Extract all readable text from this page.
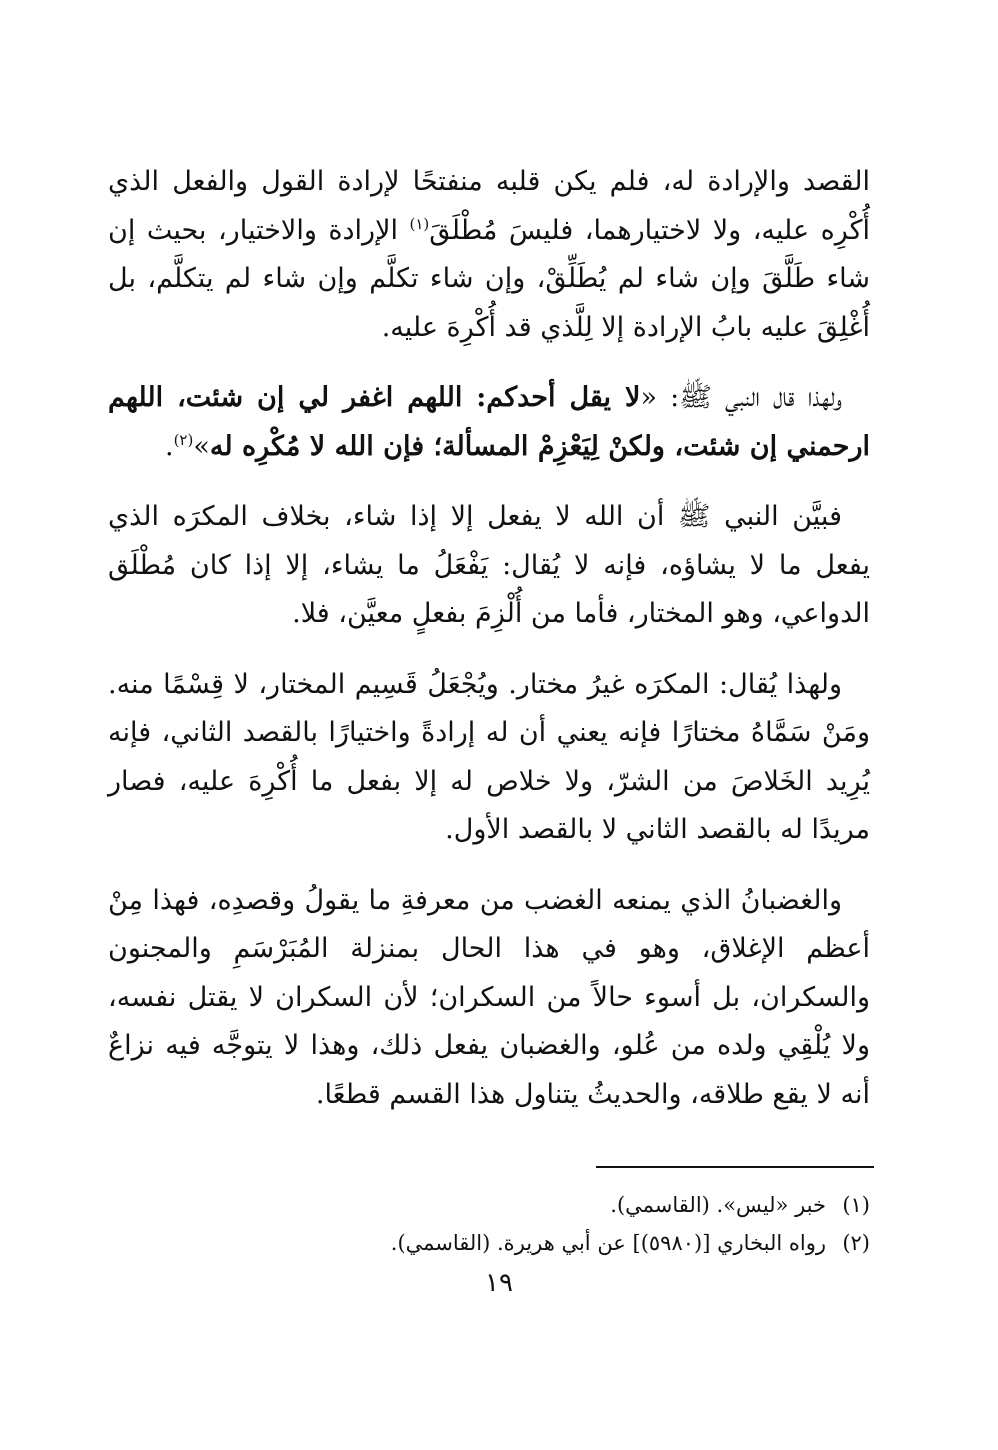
القصد والإرادة له، فلم يكن قلبه منفتحًا لإرادة القول والفعل الذي أُكْرِه عليه، ولا لاختيارهما، فليسَ مُطْلَقَ$^{(١)}$ الإرادة والاختيار، بحيث إن شاء طَلَّقَ وإن شاء لم يُطَلِّقْ، وإن شاء تكلَّم وإن شاء لم يتكلَّم، بل أُغْلِقَ عليه بابُ الإرادة إلا لِلَّذي قد أُكْرِهَ عليه.

ولهذا قال النبي ﷺ: «لا يقل أحدكم: اللهم اغفر لي إن شئت، اللهم ارحمني إن شئت، ولكنْ لِيَعْزِمْ المسألة؛ فإن الله لا مُكْرِه له»$^{(٢)}$.

فبيَّن النبي ﷺ أن الله لا يفعل إلا إذا شاء، بخلاف المكرَه الذي يفعل ما لا يشاؤه، فإنه لا يُقال: يَفْعَلُ ما يشاء، إلا إذا كان مُطْلَق الدواعي، وهو المختار، فأما من أُلْزِمَ بفعلٍ معيَّن، فلا.

ولهذا يُقال: المكرَه غيرُ مختار. ويُجْعَلُ قَسِيم المختار، لا قِسْمًا منه. ومَنْ سَمَّاهُ مختارًا فإنه يعني أن له إرادةً واختيارًا بالقصد الثاني، فإنه يُرِيد الخَلاصَ من الشرّ، ولا خلاص له إلا بفعل ما أُكْرِهَ عليه، فصار مريدًا له بالقصد الثاني لا بالقصد الأول.

والغضبانُ الذي يمنعه الغضب من معرفةِ ما يقولُ وقصدِه، فهذا مِنْ أعظم الإغلاق، وهو في هذا الحال بمنزلة المُبَرْسَمِ والمجنون والسكران، بل أسوء حالاً من السكران؛ لأن السكران لا يقتل نفسه، ولا يُلْقِي ولده من عُلو، والغضبان يفعل ذلك، وهذا لا يتوجَّه فيه نزاعٌ أنه لا يقع طلاقه، والحديثُ يتناول هذا القسم قطعًا.

(١)خبر «ليس». (القاسمي).
(٢)رواه البخاري [(٥٩٨٠)] عن أبي هريرة. (القاسمي).
١٩
